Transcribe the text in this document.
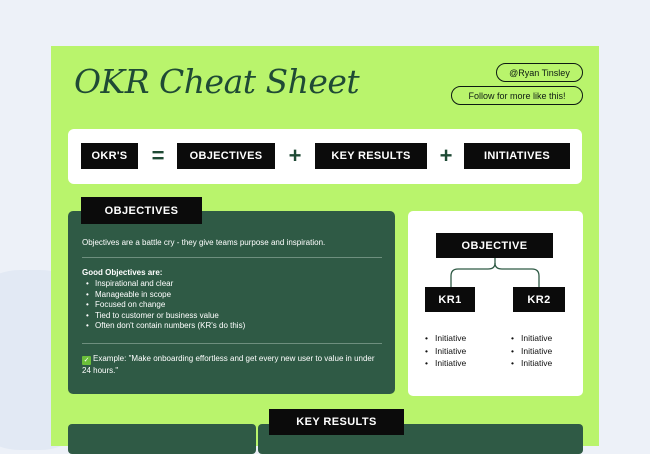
OKR Cheat Sheet	@Ryan Tinsley
Follow for more like this!
OKR'S	=	OBJECTIVES	+	KEY RESULTS	+	INITIATIVES

Objectives are a battle cry - they give teams purpose and inspiration.

Good Objectives are:

• Inspirational and clear
• Manageable in scope
• Focused on change
• Tied to customer or business value
• Often don't contain numbers (KR's do this)

✓ Example: "Make onboarding effortless and get every new user to value in under 24 hours."

OBJECTIVES
OBJECTIVE
KR1	KR2
• Initiative
• Initiative
• Initiative
• Initiative
• Initiative
• Initiative
KEY RESULTS
